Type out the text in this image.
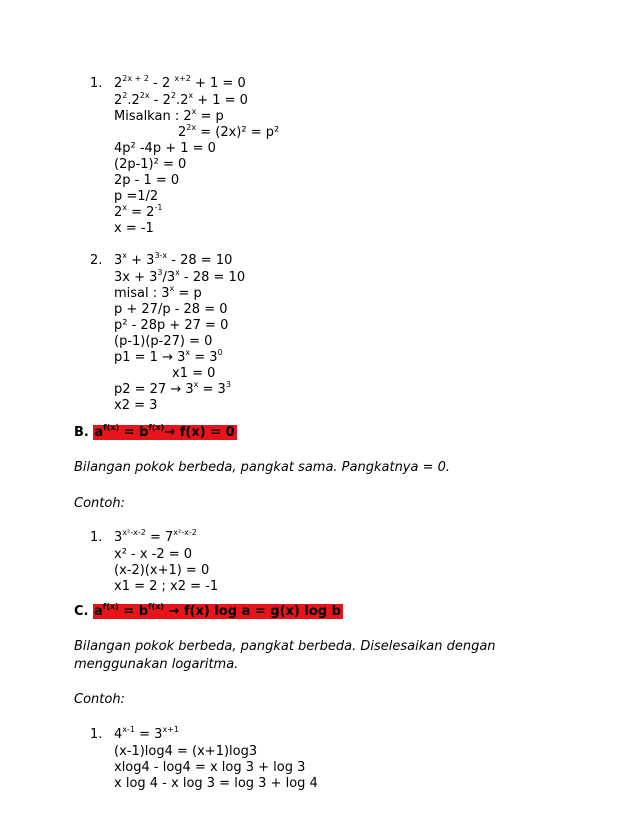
1. $2^{2x + 2} - 2$ $^{x+2}$ + 1 = 0
$2^2.2^{2x} - 2^2.2^x + 1 = 0$
Misalkan : $2^x = p$
$2^{2x} = (2x)^2 = p^2$
4p² -4p + 1 = 0
(2p-1)² = 0
2p - 1 = 0
p =1/2
$2^x = 2^{-1}$
x = -1
2. $3^x + 3^{3-x} - 28 = 10$
$3x + 3^3/3^x - 28 = 10$
misal : $3^x = p$
p + 27/p - 28 = 0
p² - 28p + 27 = 0
(p-1)(p-27) = 0
$p1 = 1 \to 3^x = 3^0$
x1 = 0
$p2 = 27 \to 3^x = 3^3$
x2 = 3
B. $a^{f(x)} = b^{f(x)}\to f(x) = 0$
Bilangan pokok berbeda, pangkat sama. Pangkatnya = 0.
Contoh:
1. $3^{x^2-x-2} = 7^{x^2-x-2}$
x² - x -2 = 0
(x-2)(x+1) = 0
x1 = 2 ; x2 = -1
C. $a^{f(x)} = b^{f(x)} \to f(x)$ log a = g(x) log b
Bilangan pokok berbeda, pangkat berbeda. Diselesaikan dengan
menggunakan logaritma.
Contoh:
1. $4^{x-1} = 3^{x+1}$
(x-1)log4 = (x+1)log3
xlog4 - log4 = x log 3 + log 3
x log 4 - x log 3 = log 3 + log 4
